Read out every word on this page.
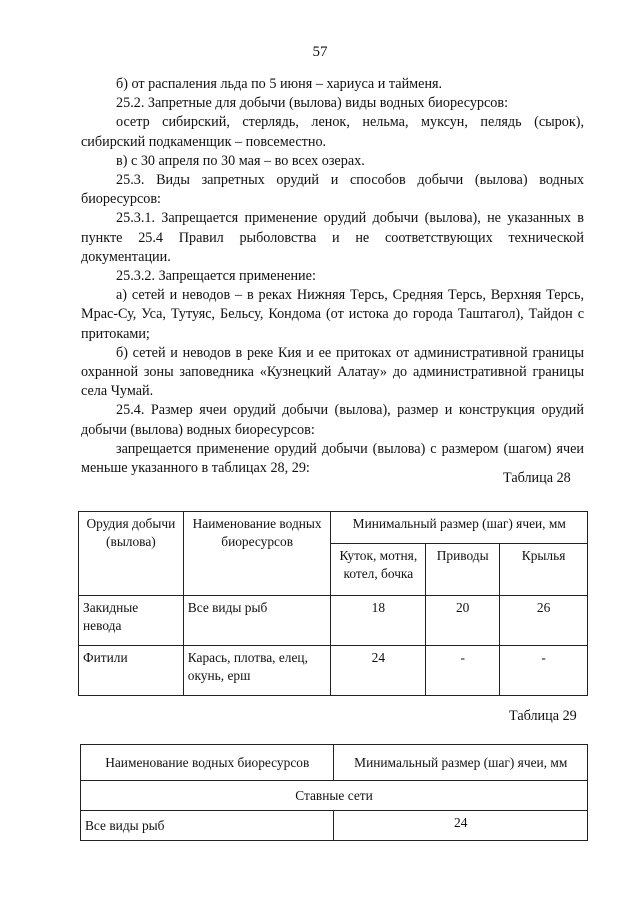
57

б) от распаления льда по 5 июня – хариуса и тайменя.

25.2. Запретные для добычи (вылова) виды водных биоресурсов:

осетр сибирский, стерлядь, ленок, нельма, муксун, пелядь (сырок), сибирский подкаменщик – повсеместно.

в) с 30 апреля по 30 мая – во всех озерах.

25.3. Виды запретных орудий и способов добычи (вылова) водных биоресурсов:

25.3.1. Запрещается применение орудий добычи (вылова), не указанных в пункте 25.4 Правил рыболовства и не соответствующих технической документации.

25.3.2. Запрещается применение:

а) сетей и неводов – в реках Нижняя Терсь, Средняя Терсь, Верхняя Терсь, Мрас-Су, Уса, Тутуяс, Бельсу, Кондома (от истока до города Таштагол), Тайдон с притоками;

б) сетей и неводов в реке Кия и ее притоках от административной границы охранной зоны заповедника «Кузнецкий Алатау» до административной границы села Чумай.

25.4. Размер ячеи орудий добычи (вылова), размер и конструкция орудий добычи (вылова) водных биоресурсов:

запрещается применение орудий добычи (вылова) с размером (шагом) ячеи меньше указанного в таблицах 28, 29:

Таблица 28
Орудия добычи (вылова)	Наименование водных биоресурсов	Минимальный размер (шаг) ячеи, мм		
		Куток, мотня, котел, бочка	Приводы	Крылья
Закидные невода	Все виды рыб	18	20	26
Фитили	Карась, плотва, елец, окунь, ерш	24	-	-
Таблица 29
Наименование водных биоресурсов	Минимальный размер (шаг) ячеи, мм
Ставные сети	
Все виды рыб	24
